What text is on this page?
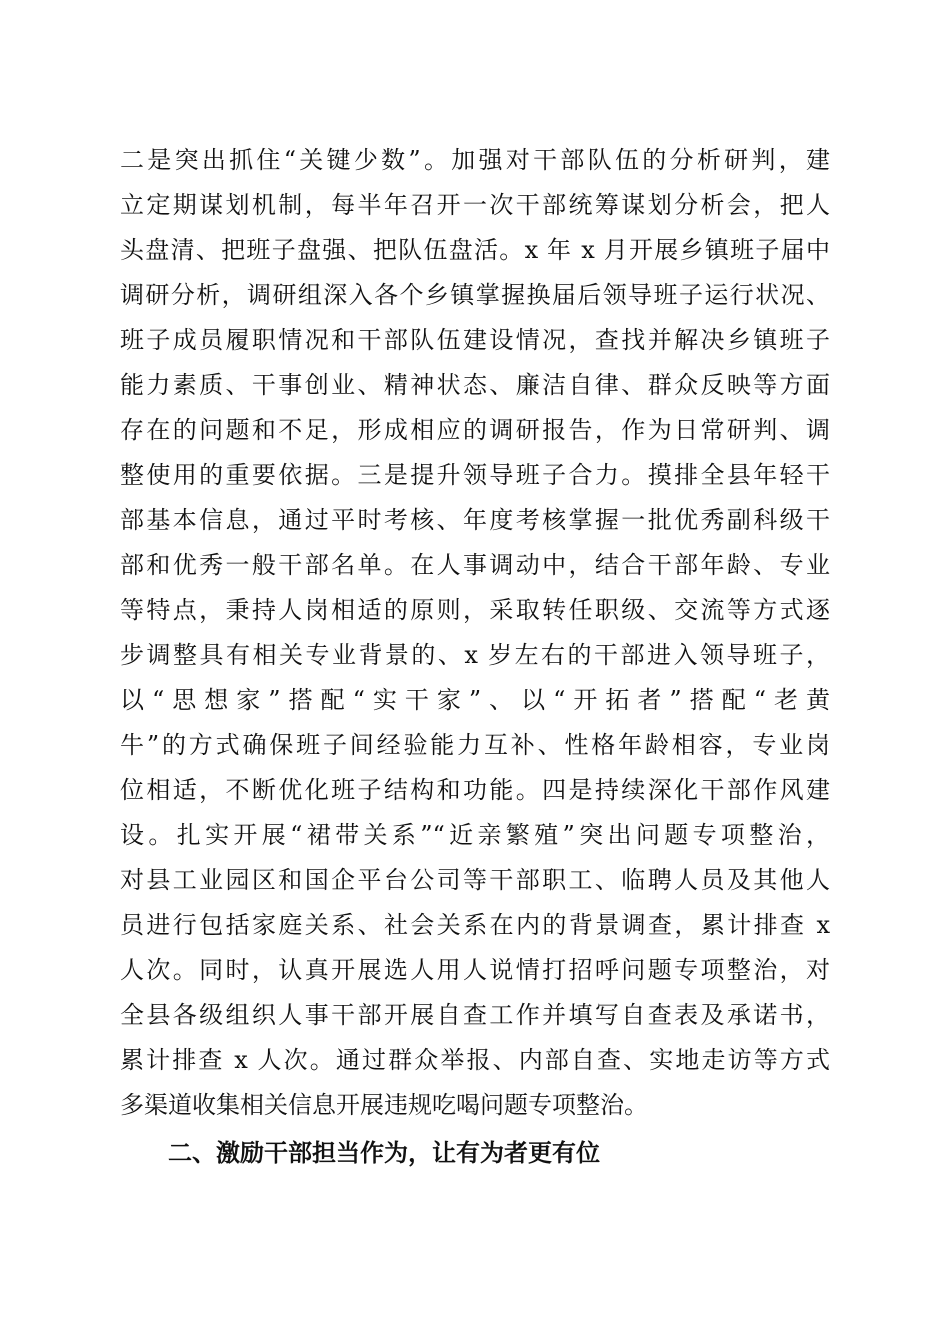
二是突出抓住“关键少数”。加强对干部队伍的分析研判，建
立定期谋划机制，每半年召开一次干部统筹谋划分析会，把人
头盘清、把班子盘强、把队伍盘活。x 年 x 月开展乡镇班子届中
调研分析，调研组深入各个乡镇掌握换届后领导班子运行状况、
班子成员履职情况和干部队伍建设情况，查找并解决乡镇班子
能力素质、干事创业、精神状态、廉洁自律、群众反映等方面
存在的问题和不足，形成相应的调研报告，作为日常研判、调
整使用的重要依据。三是提升领导班子合力。摸排全县年轻干
部基本信息，通过平时考核、年度考核掌握一批优秀副科级干
部和优秀一般干部名单。在人事调动中，结合干部年龄、专业
等特点，秉持人岗相适的原则，采取转任职级、交流等方式逐
步调整具有相关专业背景的、x 岁左右的干部进入领导班子，
以“思想家”搭配“实干家”、以“开拓者”搭配“老黄
牛”的方式确保班子间经验能力互补、性格年龄相容，专业岗
位相适，不断优化班子结构和功能。四是持续深化干部作风建
设。扎实开展“裙带关系”“近亲繁殖”突出问题专项整治，
对县工业园区和国企平台公司等干部职工、临聘人员及其他人
员进行包括家庭关系、社会关系在内的背景调查，累计排查 x
人次。同时，认真开展选人用人说情打招呼问题专项整治，对
全县各级组织人事干部开展自查工作并填写自查表及承诺书，
累计排查 x 人次。通过群众举报、内部自查、实地走访等方式
多渠道收集相关信息开展违规吃喝问题专项整治。
二、激励干部担当作为，让有为者更有位
